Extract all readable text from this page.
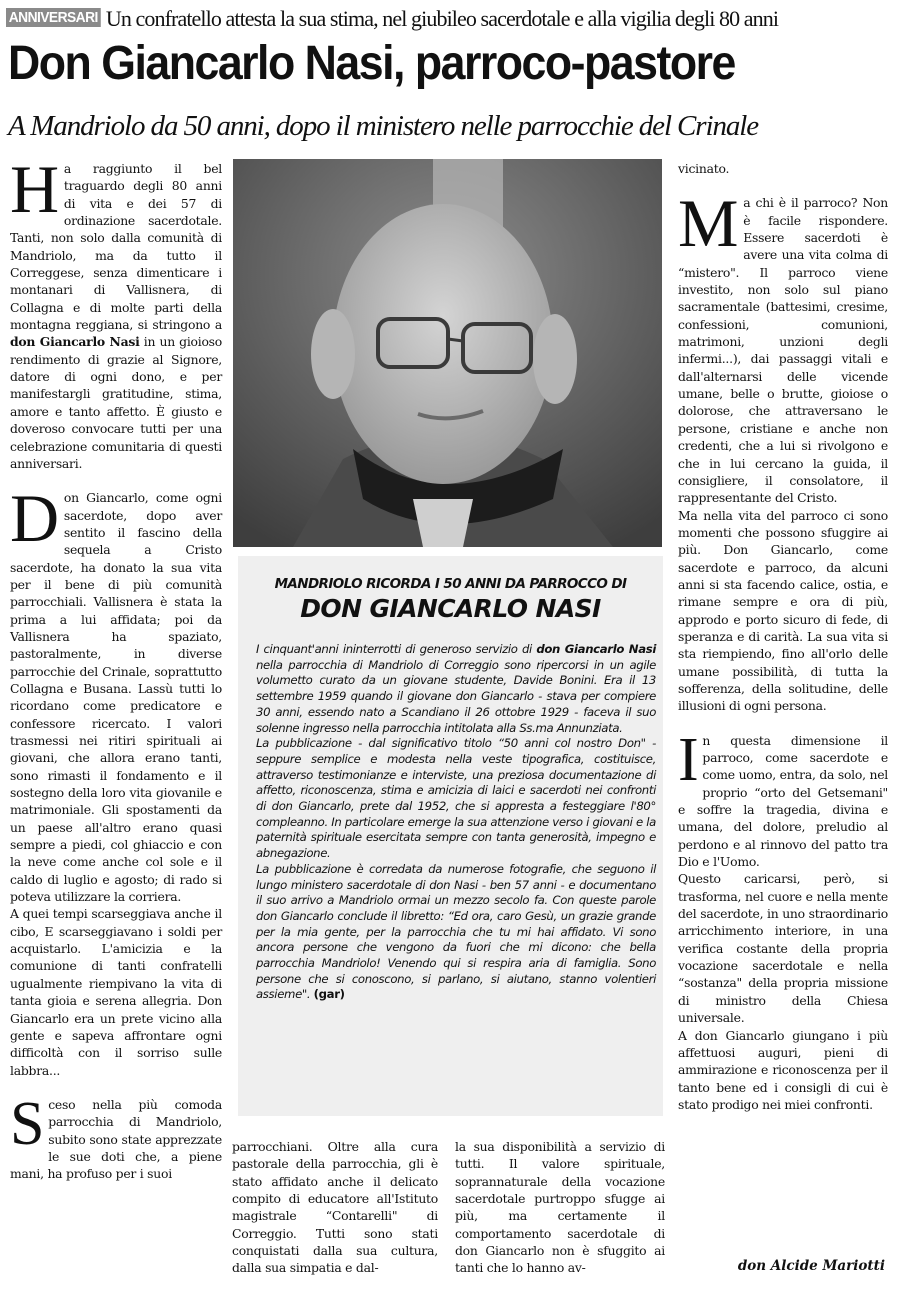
ANNIVERSARI Un confratello attesta la sua stima, nel giubileo sacerdotale e alla vigilia degli 80 anni
Don Giancarlo Nasi, parroco-pastore
A Mandriolo da 50 anni, dopo il ministero nelle parrocchie del Crinale

Ha raggiunto il bel traguardo degli 80 anni di vita e dei 57 di ordinazione sacerdotale. Tanti, non solo dalla comunità di Mandriolo, ma da tutto il Correggese, senza dimenticare i montanari di Vallisnera, di Collagna e di molte parti della montagna reggiana, si stringono a don Giancarlo Nasi in un gioioso rendimento di grazie al Signore, datore di ogni dono, e per manifestargli gratitudine, stima, amore e tanto affetto. È giusto e doveroso convocare tutti per una celebrazione comunitaria di questi anniversari.

Don Giancarlo, come ogni sacerdote, dopo aver sentito il fascino della sequela a Cristo sacerdote, ha donato la sua vita per il bene di più comunità parrocchiali. Vallisnera è stata la prima a lui affidata; poi da Vallisnera ha spaziato, pastoralmente, in diverse parrocchie del Crinale, soprattutto Collagna e Busana. Lassù tutti lo ricordano come predicatore e confessore ricercato. I valori trasmessi nei ritiri spirituali ai giovani, che allora erano tanti, sono rimasti il fondamento e il sostegno della loro vita giovanile e matrimoniale. Gli spostamenti da un paese all'altro erano quasi sempre a piedi, col ghiaccio e con la neve come anche col sole e il caldo di luglio e agosto; di rado si poteva utilizzare la corriera.

A quei tempi scarseggiava anche il cibo, E scarseggiavano i soldi per acquistarlo. L'amicizia e la comunione di tanti confratelli ugualmente riempivano la vita di tanta gioia e serena allegria. Don Giancarlo era un prete vicino alla gente e sapeva affrontare ogni difficoltà con il sorriso sulle labbra...

Sceso nella più comoda parrocchia di Mandriolo, subito sono state apprezzate le sue doti che, a piene mani, ha profuso per i suoi

MANDRIOLO RICORDA I 50 ANNI DA PARROCCO DI
DON GIANCARLO NASI

I cinquant'anni ininterrotti di generoso servizio di don Giancarlo Nasi nella parrocchia di Mandriolo di Correggio sono ripercorsi in un agile volumetto curato da un giovane studente, Davide Bonini. Era il 13 settembre 1959 quando il giovane don Giancarlo - stava per compiere 30 anni, essendo nato a Scandiano il 26 ottobre 1929 - faceva il suo solenne ingresso nella parrocchia intitolata alla Ss.ma Annunziata.

La pubblicazione - dal significativo titolo “50 anni col nostro Don" - seppure semplice e modesta nella veste tipografica, costituisce, attraverso testimonianze e interviste, una preziosa documentazione di affetto, riconoscenza, stima e amicizia di laici e sacerdoti nei confronti di don Giancarlo, prete dal 1952, che si appresta a festeggiare l'80° compleanno. In particolare emerge la sua attenzione verso i giovani e la paternità spirituale esercitata sempre con tanta generosità, impegno e abnegazione.

La pubblicazione è corredata da numerose fotografie, che seguono il lungo ministero sacerdotale di don Nasi - ben 57 anni - e documentano il suo arrivo a Mandriolo ormai un mezzo secolo fa. Con queste parole don Giancarlo conclude il libretto: “Ed ora, caro Gesù, un grazie grande per la mia gente, per la parrocchia che tu mi hai affidato. Vi sono ancora persone che vengono da fuori che mi dicono: che bella parrocchia Mandriolo! Venendo qui si respira aria di famiglia. Sono persone che si conoscono, si parlano, si aiutano, stanno volentieri assieme". (gar)

parrocchiani. Oltre alla cura pastorale della parrocchia, gli è stato affidato anche il delicato compito di educatore all'Istituto magistrale “Contarelli" di Correggio. Tutti sono stati conquistati dalla sua cultura, dalla sua simpatia e dal-

la sua disponibilità a servizio di tutti. Il valore spirituale, soprannaturale della vocazione sacerdotale purtroppo sfugge ai più, ma certamente il comportamento sacerdotale di don Giancarlo non è sfuggito ai tanti che lo hanno av-

vicinato.

Ma chi è il parroco? Non è facile rispondere. Essere sacerdoti è avere una vita colma di “mistero". Il parroco viene investito, non solo sul piano sacramentale (battesimi, cresime, confessioni, comunioni, matrimoni, unzioni degli infermi...), dai passaggi vitali e dall'alternarsi delle vicende umane, belle o brutte, gioiose o dolorose, che attraversano le persone, cristiane e anche non credenti, che a lui si rivolgono e che in lui cercano la guida, il consigliere, il consolatore, il rappresentante del Cristo.

Ma nella vita del parroco ci sono momenti che possono sfuggire ai più. Don Giancarlo, come sacerdote e parroco, da alcuni anni si sta facendo calice, ostia, e rimane sempre e ora di più, approdo e porto sicuro di fede, di speranza e di carità. La sua vita si sta riempiendo, fino all'orlo delle umane possibilità, di tutta la sofferenza, della solitudine, delle illusioni di ogni persona.

In questa dimensione il parroco, come sacerdote e come uomo, entra, da solo, nel proprio “orto del Getsemani" e soffre la tragedia, divina e umana, del dolore, preludio al perdono e al rinnovo del patto tra Dio e l'Uomo.

Questo caricarsi, però, si trasforma, nel cuore e nella mente del sacerdote, in uno straordinario arricchimento interiore, in una verifica costante della propria vocazione sacerdotale e nella “sostanza" della propria missione di ministro della Chiesa universale.

A don Giancarlo giungano i più affettuosi auguri, pieni di ammirazione e riconoscenza per il tanto bene ed i consigli di cui è stato prodigo nei miei confronti.

don Alcide Mariotti
